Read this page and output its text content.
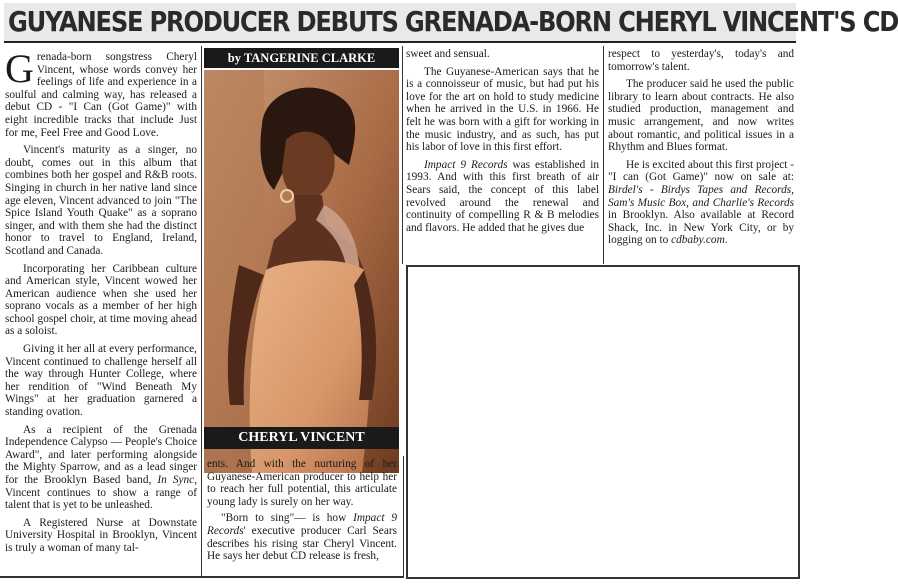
GUYANESE PRODUCER DEBUTS GRENADA-BORN CHERYL VINCENT'S CD

Grenada-born songstress Cheryl Vincent, whose words convey her feelings of life and experience in a soulful and calming way, has released a debut CD - "I Can (Got Game)" with eight incredible tracks that include Just for me, Feel Free and Good Love.

Vincent's maturity as a singer, no doubt, comes out in this album that combines both her gospel and R&B roots. Singing in church in her native land since age eleven, Vincent advanced to join "The Spice Island Youth Quake" as a soprano singer, and with them she had the distinct honor to travel to England, Ireland, Scotland and Canada.

Incorporating her Caribbean culture and American style, Vincent wowed her American audience when she used her soprano vocals as a member of her high school gospel choir, at time moving ahead as a soloist.

Giving it her all at every performance, Vincent continued to challenge herself all the way through Hunter College, where her rendition of "Wind Beneath My Wings" at her graduation garnered a standing ovation.

As a recipient of the Grenada Independence Calypso — People's Choice Award", and later performing alongside the Mighty Sparrow, and as a lead singer for the Brooklyn Based band, In Sync, Vincent continues to show a range of talent that is yet to be unleashed.

A Registered Nurse at Downstate University Hospital in Brooklyn, Vincent is truly a woman of many tal-

by TANGERINE CLARKE
CHERYL VINCENT

ents. And with the nurturing of her Guyanese-American producer to help her to reach her full potential, this articulate young lady is surely on her way.

"Born to sing"— is how Impact 9 Records' executive producer Carl Sears describes his rising star Cheryl Vincent. He says her debut CD release is fresh,

sweet and sensual.

The Guyanese-American says that he is a connoisseur of music, but had put his love for the art on hold to study medicine when he arrived in the U.S. in 1966. He felt he was born with a gift for working in the music industry, and as such, has put his labor of love in this first effort.

Impact 9 Records was established in 1993. And with this first breath of air Sears said, the concept of this label revolved around the renewal and continuity of compelling R & B melodies and flavors. He added that he gives due

respect to yesterday's, today's and tomorrow's talent.

The producer said he used the public library to learn about contracts. He also studied production, management and music arrangement, and now writes about romantic, and political issues in a Rhythm and Blues format.

He is excited about this first project - "I can (Got Game)" now on sale at: Birdel's - Birdys Tapes and Records, Sam's Music Box, and Charlie's Records in Brooklyn. Also available at Record Shack, Inc. in New York City, or by logging on to cdbaby.com.
